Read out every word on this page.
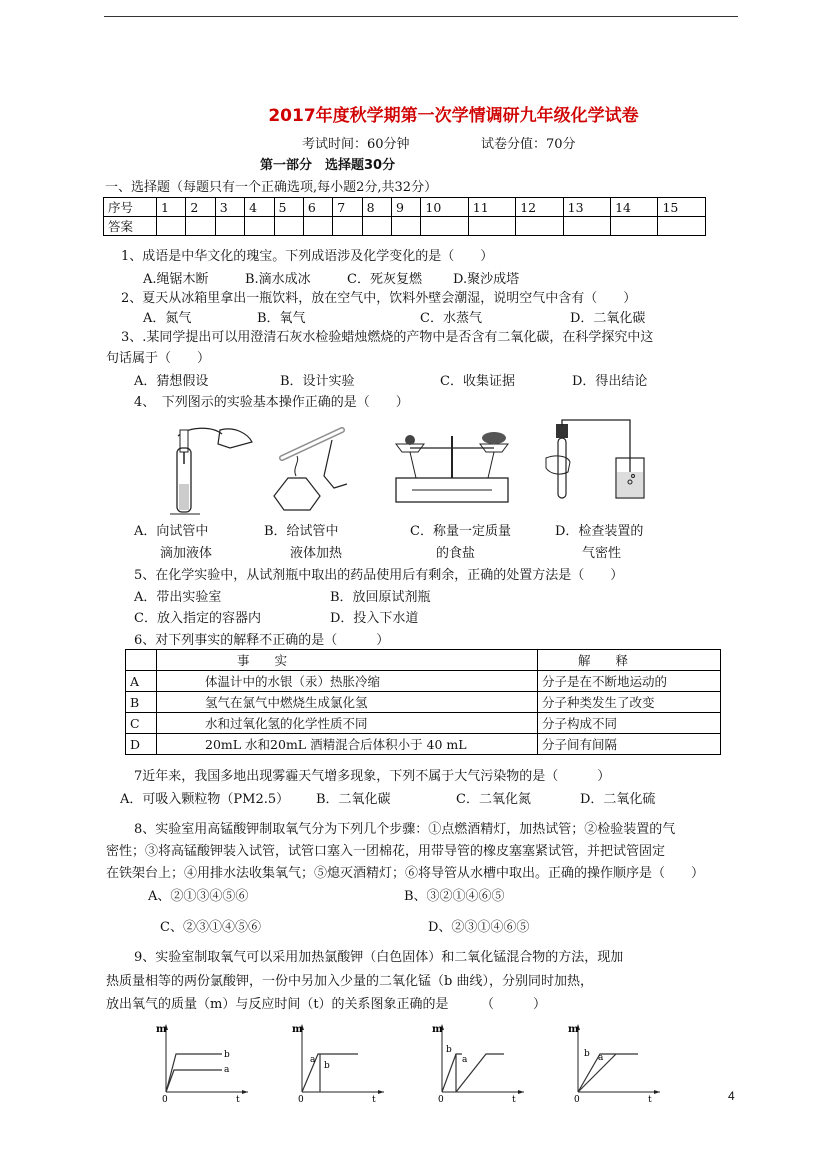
2017年度秋学期第一次学情调研九年级化学试卷
考试时间：60分钟	试卷分值：70分
第一部分　选择题30分
一、选择题（每题只有一个正确选项,每小题2分,共32分）
序号	1	2	3	4	5	6	7	8	9	10	11	12	13	14	15
答案															
1、成语是中华文化的瑰宝。下列成语涉及化学变化的是（　　）
A.绳锯木断	B.滴水成冰	C．死灰复燃 D.聚沙成塔
2、夏天从冰箱里拿出一瓶饮料，放在空气中，饮料外壁会潮湿，说明空气中含有（　　）
A．氮气	B．氧气	C．水蒸气	D．二氧化碳
3、.某同学提出可以用澄清石灰水检验蜡烛燃烧的产物中是否含有二氧化碳，在科学探究中这
句话属于（　　）
A．猜想假设	B．设计实验	C．收集证据	D．得出结论
4、　下列图示的实验基本操作正确的是（　　）
A．向试管中	B．给试管中	C．称量一定质量	D．检查装置的
滴加液体	液体加热	的食盐	气密性
5、在化学实验中，从试剂瓶中取出的药品使用后有剩余，正确的处置方法是（　　）
A．带出实验室	B．放回原试剂瓶
C．放入指定的容器内	D．投入下水道
6、对下列事实的解释不正确的是（　　　）
	事　　实	解　　释
A	体温计中的水银（汞）热胀冷缩	分子是在不断地运动的
B	氢气在氯气中燃烧生成氯化氢	分子种类发生了改变
C	水和过氧化氢的化学性质不同	分子构成不同
D	20mL 水和20mL 酒精混合后体积小于 40 mL	分子间有间隔
7近年来，我国多地出现雾霾天气增多现象，下列不属于大气污染物的是（　　　）
A．可吸入颗粒物（PM2.5） B．二氧化碳	C．二氧化氮	D．二氧化硫
8、实验室用高锰酸钾制取氧气分为下列几个步骤：①点燃酒精灯，加热试管；②检验装置的气
密性；③将高锰酸钾装入试管，试管口塞入一团棉花，用带导管的橡皮塞塞紧试管，并把试管固定
在铁架台上；④用排水法收集氧气；⑤熄灭酒精灯；⑥将导管从水槽中取出。正确的操作顺序是（　　）
A、②①③④⑤⑥	B、③②①④⑥⑤
C、②③①④⑤⑥	D、②③①④⑥⑤
9、实验室制取氧气可以采用加热氯酸钾（白色固体）和二氧化锰混合物的方法，现加
热质量相等的两份氯酸钾，一份中另加入少量的二氧化锰（b 曲线），分别同时加热，
放出氧气的质量（m）与反应时间（t）的关系图象正确的是　　　（　　　）
m
0	t
b
a
m
0	t
a
b
m
0	t
b
a
m
0	t
b a
4
